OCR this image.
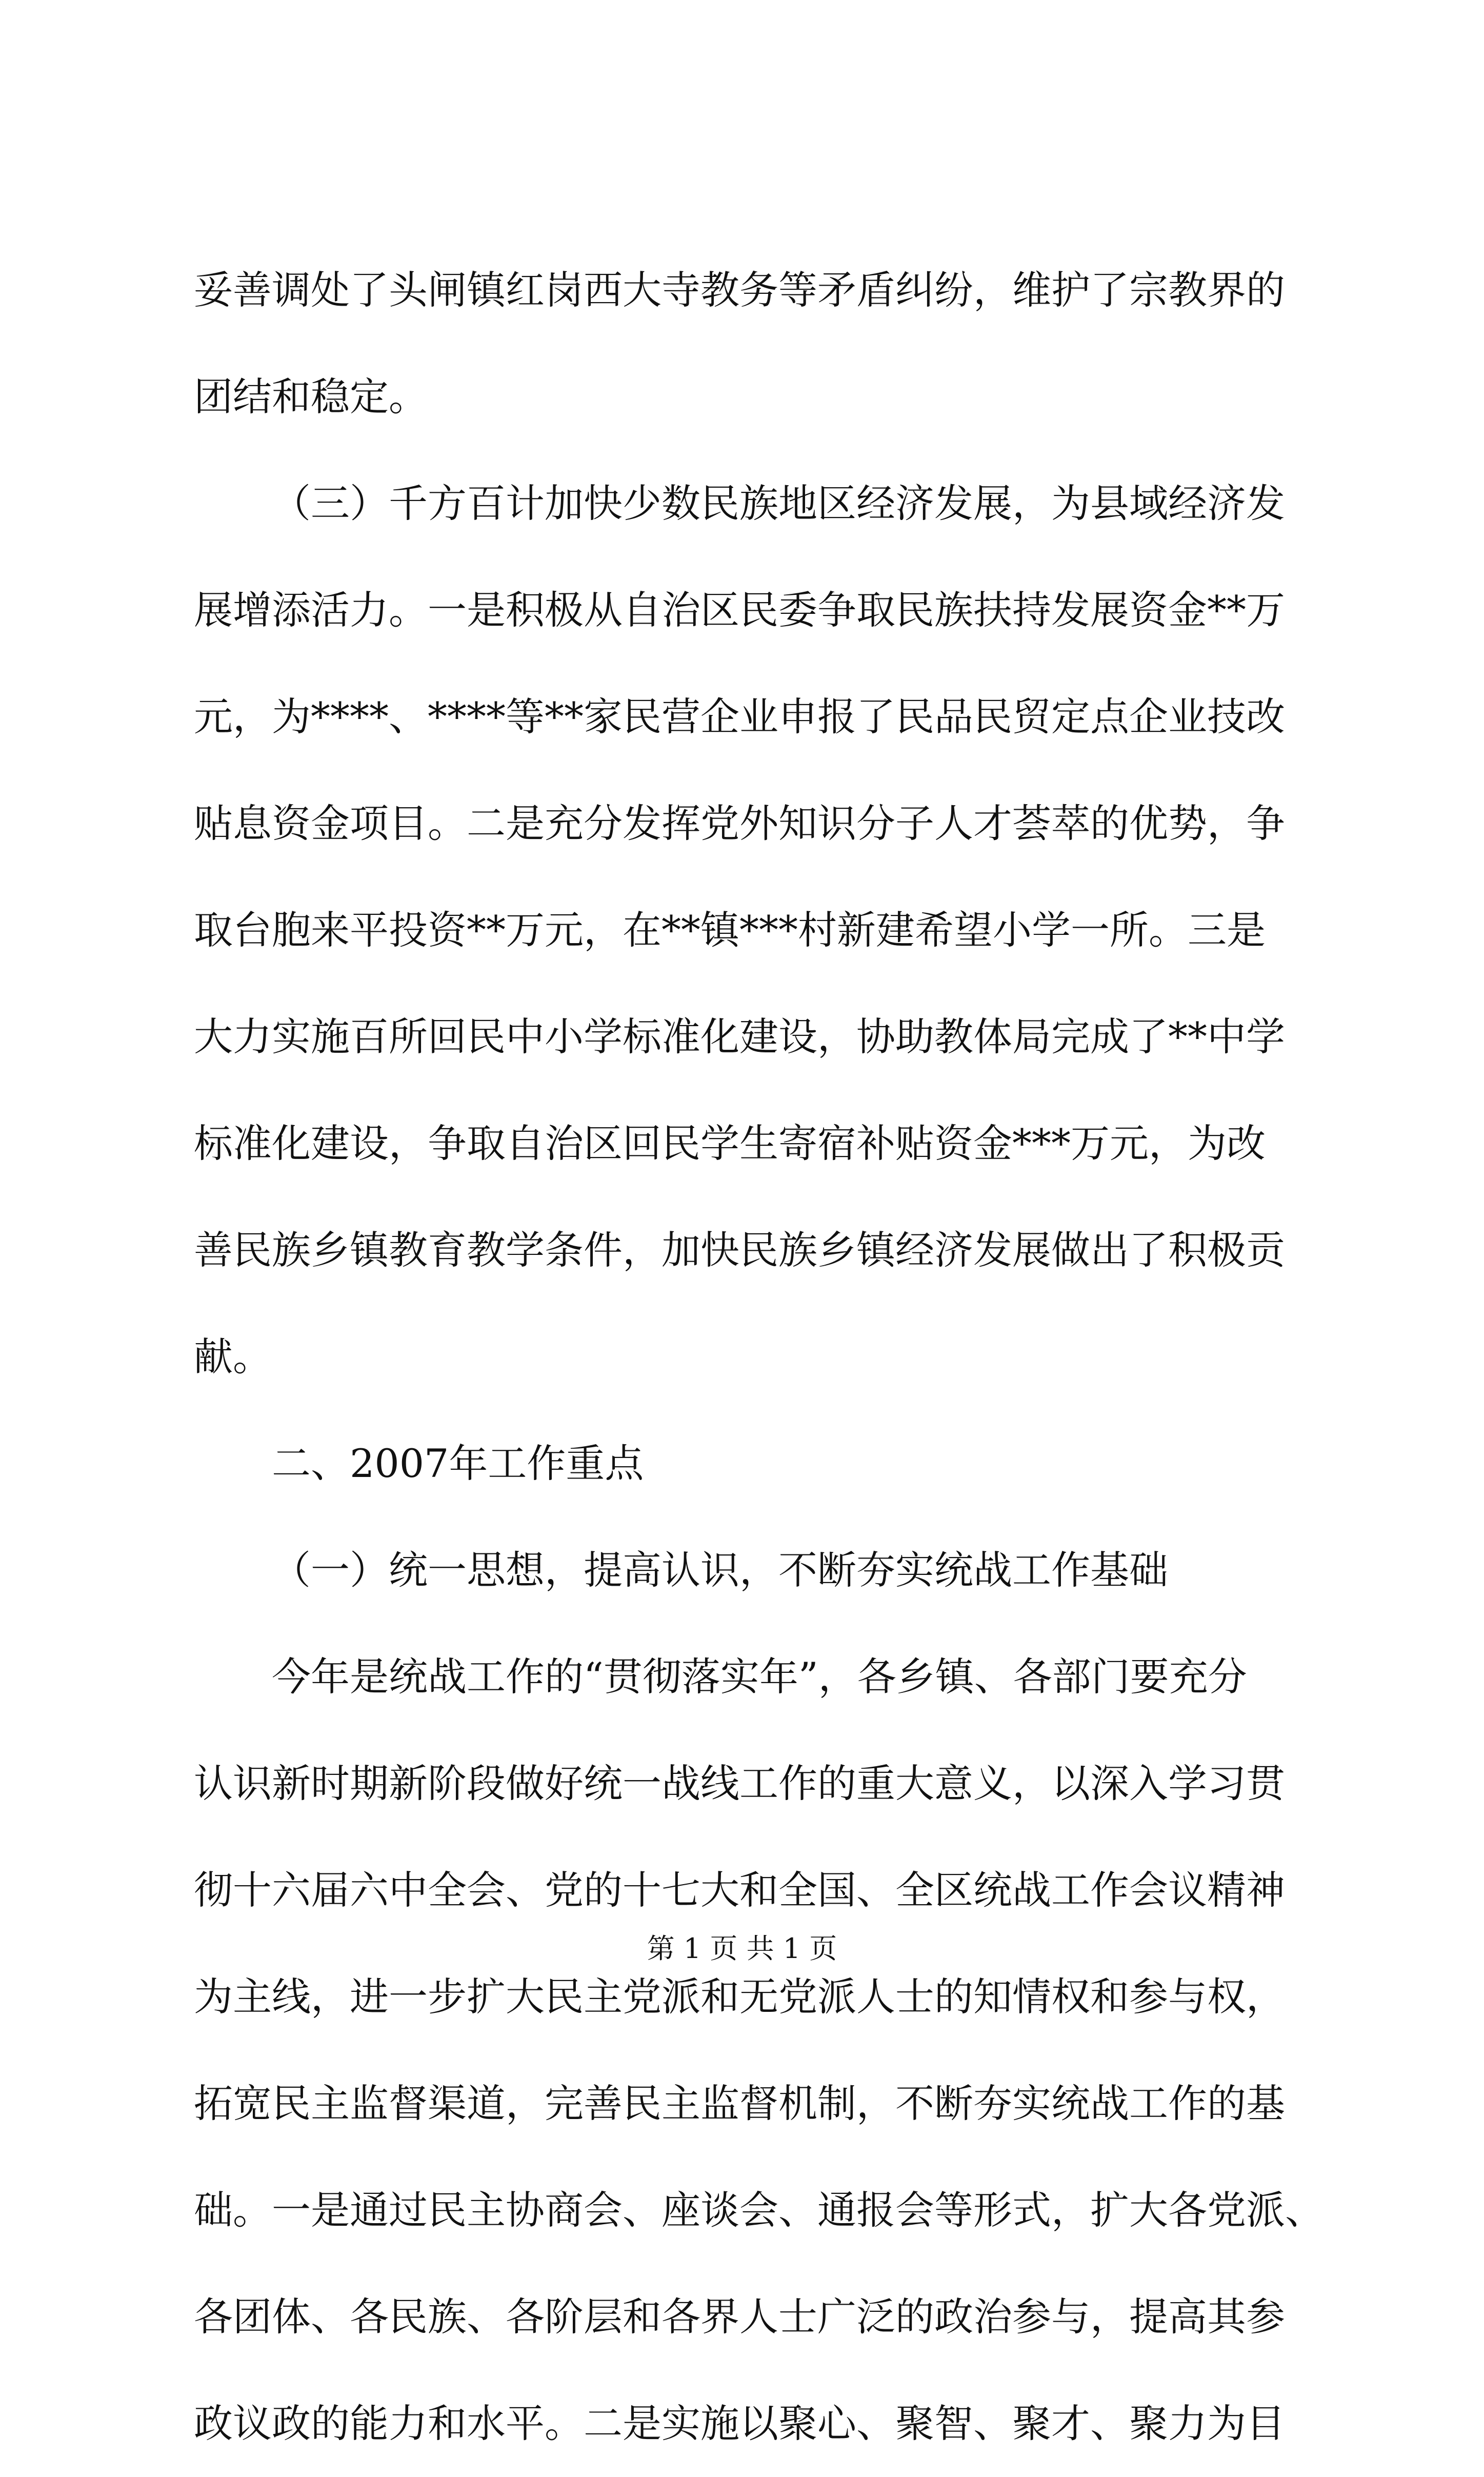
妥善调处了头闸镇红岗西大寺教务等矛盾纠纷，维护了宗教界的
团结和稳定。
（三）千方百计加快少数民族地区经济发展，为县域经济发
展增添活力。一是积极从自治区民委争取民族扶持发展资金**万
元，为****、****等**家民营企业申报了民品民贸定点企业技改
贴息资金项目。二是充分发挥党外知识分子人才荟萃的优势，争
取台胞来平投资**万元，在**镇***村新建希望小学一所。三是
大力实施百所回民中小学标准化建设，协助教体局完成了**中学
标准化建设，争取自治区回民学生寄宿补贴资金***万元，为改
善民族乡镇教育教学条件，加快民族乡镇经济发展做出了积极贡
献。
二、2007年工作重点
（一）统一思想，提高认识，不断夯实统战工作基础
今年是统战工作的“贯彻落实年”，各乡镇、各部门要充分
认识新时期新阶段做好统一战线工作的重大意义，以深入学习贯
彻十六届六中全会、党的十七大和全国、全区统战工作会议精神
为主线，进一步扩大民主党派和无党派人士的知情权和参与权，
拓宽民主监督渠道，完善民主监督机制，不断夯实统战工作的基
础。一是通过民主协商会、座谈会、通报会等形式，扩大各党派、
各团体、各民族、各阶层和各界人士广泛的政治参与，提高其参
政议政的能力和水平。二是实施以聚心、聚智、聚才、聚力为目
第 1 页 共 1 页
